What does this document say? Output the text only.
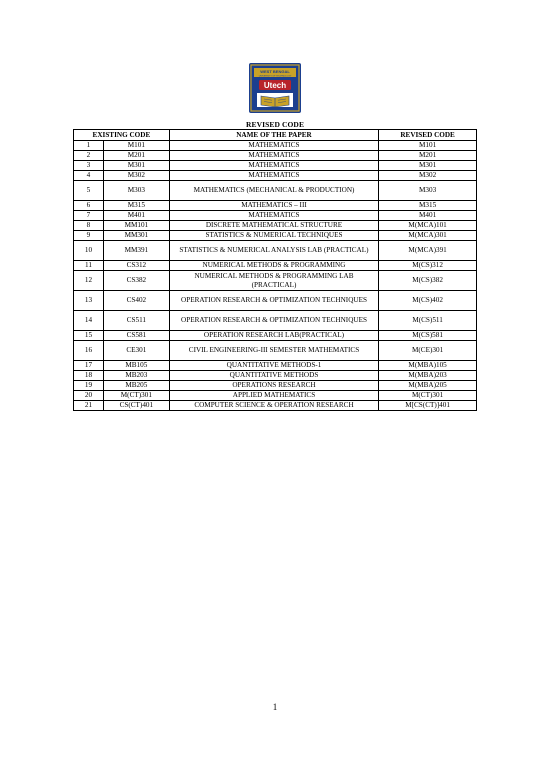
WEST BENGAL
UNIVERSITY OF TECHNOLOGY
Utech
REVISED CODE
EXISTING CODE		NAME OF THE PAPER	REVISED CODE
1	M101	MATHEMATICS	M101
2	M201	MATHEMATICS	M201
3	M301	MATHEMATICS	M301
4	M302	MATHEMATICS	M302
5	M303	MATHEMATICS (MECHANICAL & PRODUCTION)	M303
6	M315	MATHEMATICS – III	M315
7	M401	MATHEMATICS	M401
8	MM101	DISCRETE MATHEMATICAL STRUCTURE	M(MCA)101
9	MM301	STATISTICS & NUMERICAL TECHNIQUES	M(MCA)301
10	MM391	STATISTICS & NUMERICAL ANALYSIS LAB (PRACTICAL)	M(MCA)391
11	CS312	NUMERICAL METHODS & PROGRAMMING	M(CS)312
12	CS382	NUMERICAL METHODS & PROGRAMMING LAB (PRACTICAL)	M(CS)382
13	CS402	OPERATION RESEARCH & OPTIMIZATION TECHNIQUES	M(CS)402
14	CS511	OPERATION RESEARCH & OPTIMIZATION TECHNIQUES	M(CS)511
15	CS581	OPERATION RESEARCH LAB(PRACTICAL)	M(CS)581
16	CE301	CIVIL ENGINEERING-III SEMESTER MATHEMATICS	M(CE)301
17	MB105	QUANTITATIVE METHODS-1	M(MBA)105
18	MB203	QUANTITATIVE METHODS	M(MBA)203
19	MB205	OPERATIONS RESEARCH	M(MBA)205
20	M(CT)301	APPLIED MATHEMATICS	M(CT)301
21	CS(CT)401	COMPUTER SCIENCE & OPERATION RESEARCH	M[CS(CT)]401
1
